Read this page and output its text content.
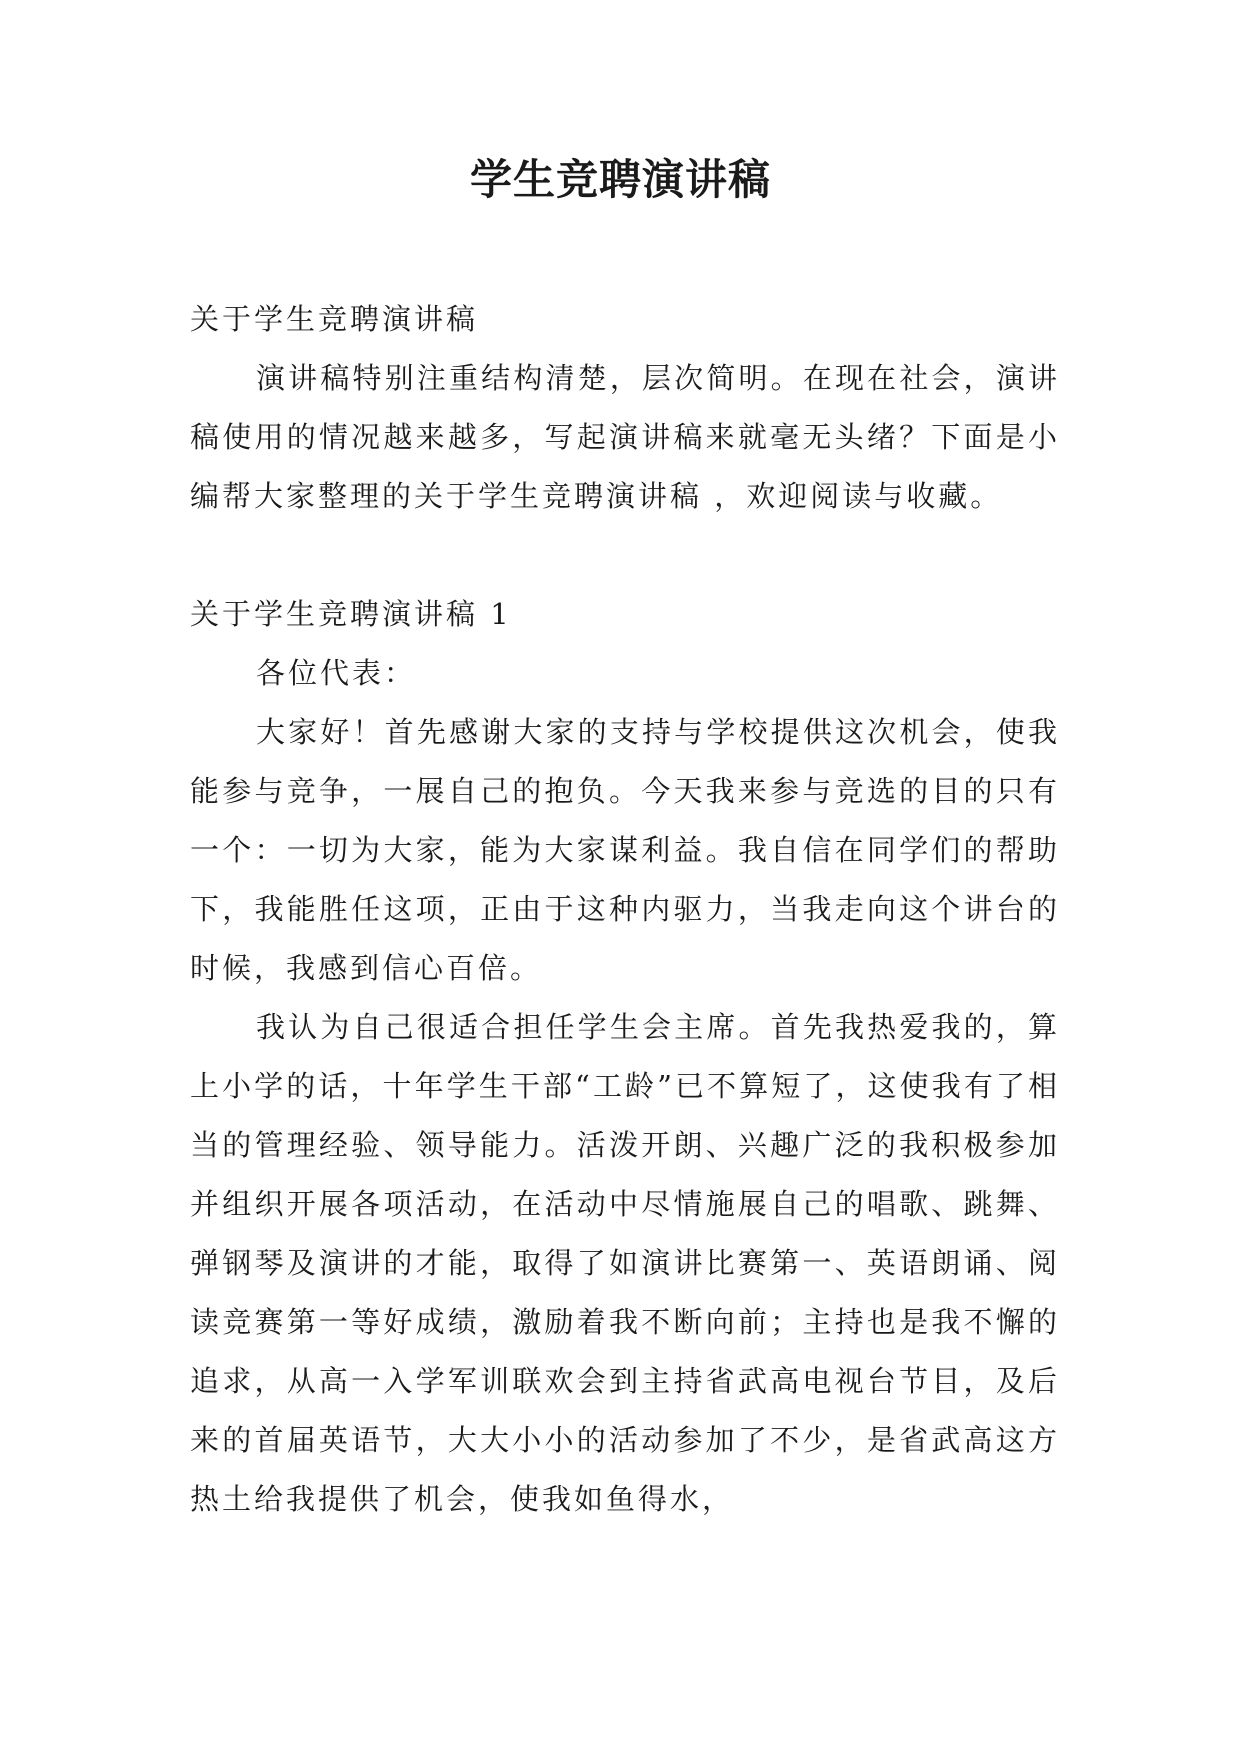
学生竞聘演讲稿

关于学生竞聘演讲稿

演讲稿特别注重结构清楚，层次简明。在现在社会，演讲稿使用的情况越来越多，写起演讲稿来就毫无头绪？下面是小编帮大家整理的关于学生竞聘演讲稿 ，欢迎阅读与收藏。

关于学生竞聘演讲稿 1

各位代表：

大家好！首先感谢大家的支持与学校提供这次机会，使我能参与竞争，一展自己的抱负。今天我来参与竞选的目的只有一个：一切为大家，能为大家谋利益。我自信在同学们的帮助下，我能胜任这项，正由于这种内驱力，当我走向这个讲台的时候，我感到信心百倍。

我认为自己很适合担任学生会主席。首先我热爱我的，算上小学的话，十年学生干部“工龄”已不算短了，这使我有了相当的管理经验、领导能力。活泼开朗、兴趣广泛的我积极参加并组织开展各项活动，在活动中尽情施展自己的唱歌、跳舞、弹钢琴及演讲的才能，取得了如演讲比赛第一、英语朗诵、阅读竞赛第一等好成绩，激励着我不断向前；主持也是我不懈的追求，从高一入学军训联欢会到主持省武高电视台节目，及后来的首届英语节，大大小小的活动参加了不少，是省武高这方热土给我提供了机会，使我如鱼得水，
